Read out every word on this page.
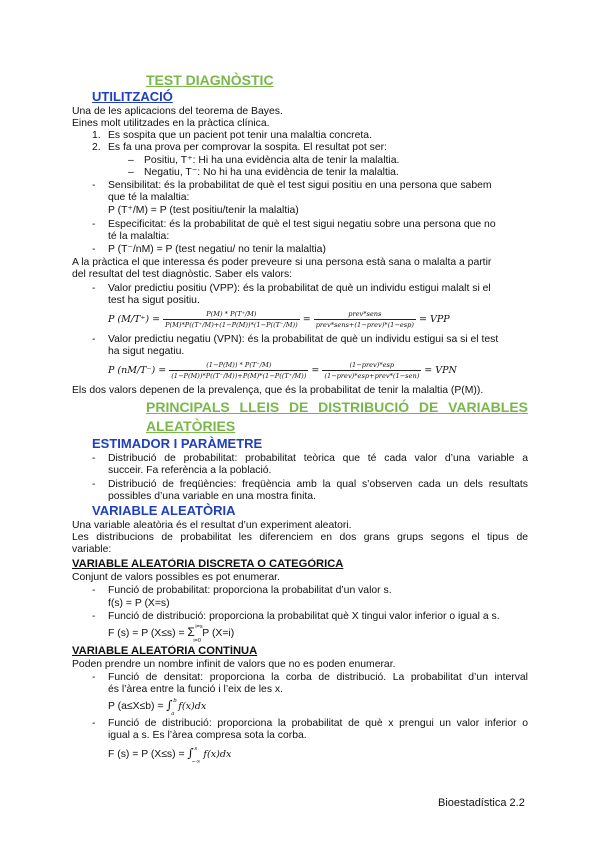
TEST DIAGNÒSTIC
UTILITZACIÓ
Una de les aplicacions del teorema de Bayes.
Eines molt utilitzades en la pràctica clínica.
1. Es sospita que un pacient pot tenir una malaltia concreta.
2. Es fa una prova per comprovar la sospita. El resultat pot ser:
– Positiu, T⁺: Hi ha una evidència alta de tenir la malaltia.
– Negatiu, T⁻: No hi ha una evidència de tenir la malaltia.
-	Sensibilitat: és la probabilitat de què el test sigui positiu en una persona que sabem
que té la malaltia:
P (T⁺/M) = P (test positiu/tenir la malaltia)
-	Especificitat: és la probabilitat de què el test sigui negatiu sobre una persona que no
té la malaltia:
-	P (T⁻/nM) = P (test negatiu/ no tenir la malaltia)
A la pràctica el que interessa és poder preveure si una persona està sana o malalta a partir
del resultat del test diagnòstic. Saber els valors:
-	Valor predictiu positiu (VPP): és la probabilitat de què un individu estigui malalt si el
test ha sigut positiu.
P $(M/T^+) = \frac{P(M) * P(T^+/M)}{P(M)*P((T^+/M)+(1-P(M))*(1-P((T^-/M))} = \frac{\text{prev*sens}}{\text{prev*sens+(1−prev)*(1−esp)}}$ = VPP
-	Valor predictiu negatiu (VPN): és la probabilitat de què un individu estigui sa si el test
ha sigut negatiu.
P $(nM/T^-) = \frac{(1-P(M)) * P(T^-/M)}{(1-P(M))*P((T^-/M))+P(M)*(1-P((T^+/M))} = \frac{\text{(1−prev)*esp}}{\text{(1−prev)*esp+prev*(1−sen)}}$ = VPN
Els dos valors depenen de la prevalença, que és la probabilitat de tenir la malaltia (P(M)).
PRINCIPALS LLEIS DE DISTRIBUCIÓ DE VARIABLES
ALEATÒRIES
ESTIMADOR I PARÀMETRE
-	Distribució de probabilitat: probabilitat teòrica que té cada valor d’una variable a
succeir. Fa referència a la població.
-	Distribució de freqüències: freqüència amb la qual s’observen cada un dels resultats
possibles d’una variable en una mostra finita.
VARIABLE ALEATÒRIA
Una variable aleatòria és el resultat d’un experiment aleatori.
Les distribucions de probabilitat les diferenciem en dos grans grups segons el tipus de
variable:
VARIABLE ALEATÒRIA DISCRETA O CATEGÒRICA
Conjunt de valors possibles es pot enumerar.
-	Funció de probabilitat: proporciona la probabilitat d’un valor s.
f(s) = P (X=s)
-	Funció de distribució: proporciona la probabilitat què X tingui valor inferior o igual a s.
F (s) = P (X≤s) = Σ i=s
i=0
P (X=i)
VARIABLE ALEATÒRIA CONTÍNUA
Poden prendre un nombre infinit de valors que no es poden enumerar.
-	Funció de densitat: proporciona la corba de distribució. La probabilitat d’un interval
és l’àrea entre la funció i l’eix de les x.
P (a≤X≤b) = ∫ b
a
f(x)dx
-	Funció de distribució: proporciona la probabilitat de què x prengui un valor inferior o
igual a s. És l’àrea compresa sota la corba.
F (s) = P (X≤s) = ∫ s
−∞
f(x)dx
Bioestadística 2.2
